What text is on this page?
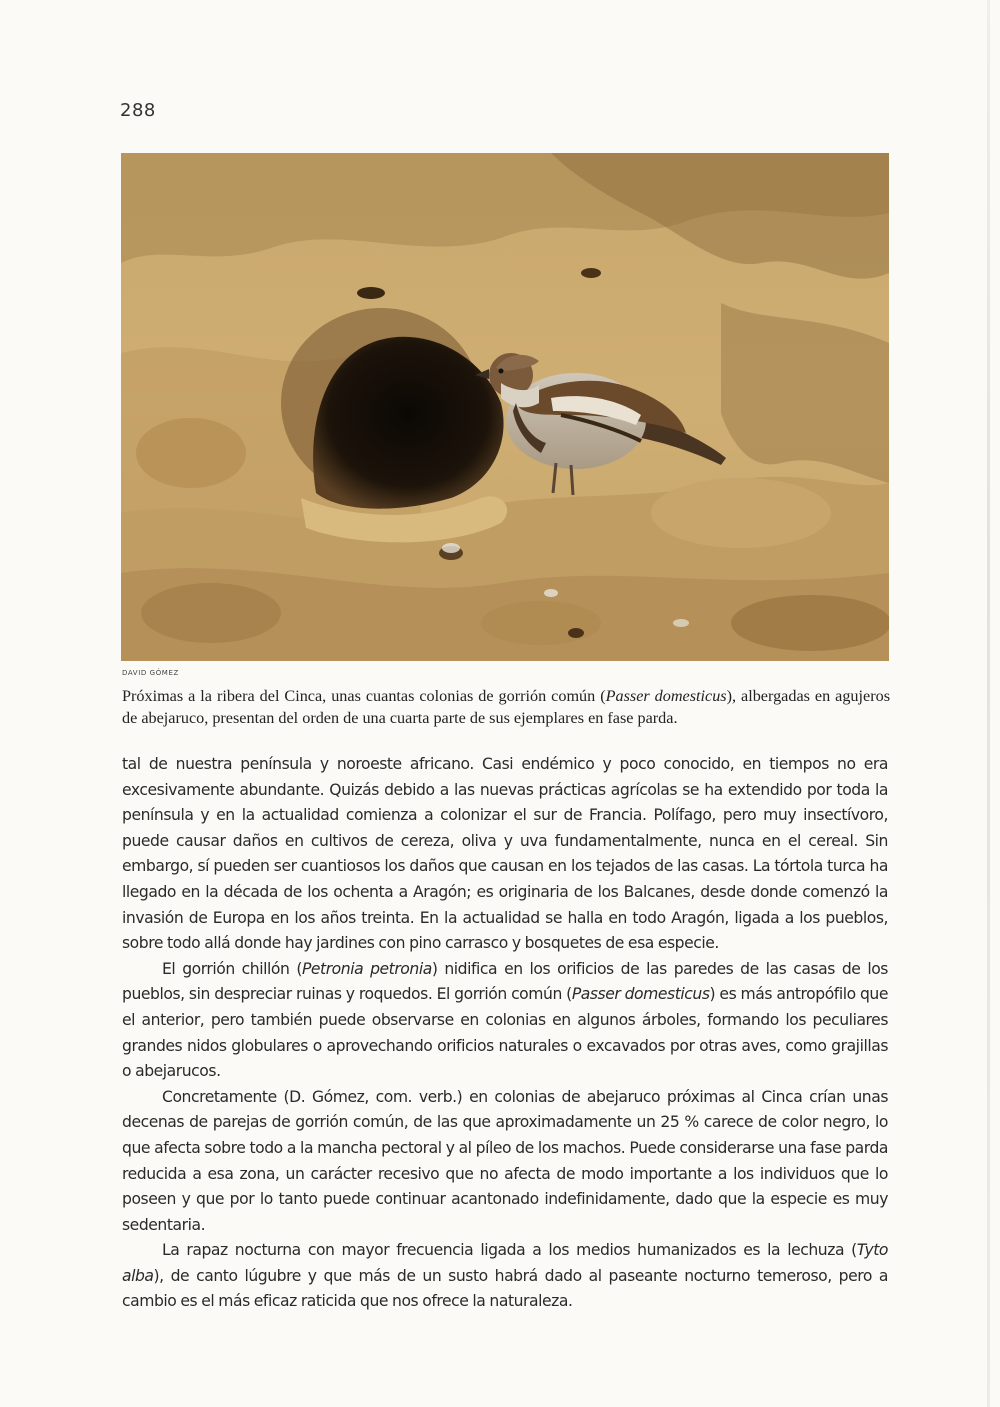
288
DAVID GÓMEZ
Próximas a la ribera del Cinca, unas cuantas colonias de gorrión común (Passer domesticus), albergadas en agujeros de abejaruco, presentan del orden de una cuarta parte de sus ejemplares en fase parda.

tal de nuestra península y noroeste africano. Casi endémico y poco conocido, en tiempos no era excesivamente abundante. Quizás debido a las nuevas prácticas agrícolas se ha extendido por toda la península y en la actualidad comienza a colonizar el sur de Francia. Polífago, pero muy insectívoro, puede causar daños en cultivos de cereza, oliva y uva fundamentalmente, nunca en el cereal. Sin embargo, sí pueden ser cuantiosos los daños que causan en los tejados de las casas. La tórtola turca ha llegado en la década de los ochenta a Aragón; es originaria de los Balcanes, desde donde comenzó la invasión de Europa en los años treinta. En la actualidad se halla en todo Aragón, ligada a los pueblos, sobre todo allá donde hay jardines con pino carrasco y bosquetes de esa especie.

El gorrión chillón (Petronia petronia) nidifica en los orificios de las paredes de las casas de los pueblos, sin despreciar ruinas y roquedos. El gorrión común (Passer domesticus) es más antropófilo que el anterior, pero también puede observarse en colonias en algunos árboles, formando los peculiares grandes nidos globulares o aprovechando orificios naturales o excavados por otras aves, como grajillas o abejarucos.

Concretamente (D. Gómez, com. verb.) en colonias de abejaruco próximas al Cinca crían unas decenas de parejas de gorrión común, de las que aproximadamente un 25 % carece de color negro, lo que afecta sobre todo a la mancha pectoral y al píleo de los machos. Puede considerarse una fase parda reducida a esa zona, un carácter recesivo que no afecta de modo importante a los individuos que lo poseen y que por lo tanto puede continuar acantonado indefinidamente, dado que la especie es muy sedentaria.

La rapaz nocturna con mayor frecuencia ligada a los medios humanizados es la lechuza (Tyto alba), de canto lúgubre y que más de un susto habrá dado al paseante nocturno temeroso, pero a cambio es el más eficaz raticida que nos ofrece la naturaleza.
